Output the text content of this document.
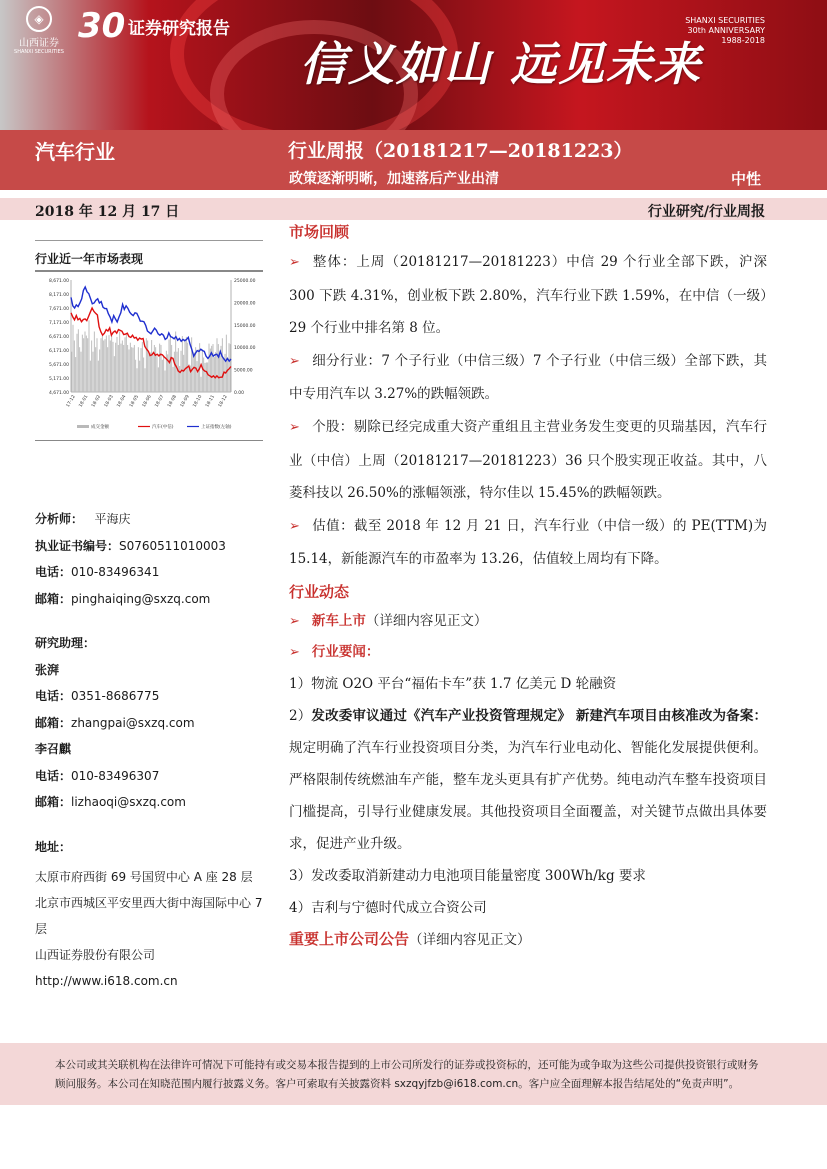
◈
山西证券
SHANXI SECURITIES
30 证券研究报告
信义如山 远见未来
SHANXI SECURITIES
30th ANNIVERSARY
1988-2018
汽车行业	行业周报（20181217—20181223）
政策逐渐明晰，加速落后产业出清	中性
2018 年 12 月 17 日	行业研究/行业周报
行业近一年市场表现
8,671.00
8,171.00
7,671.00
7,171.00
6,671.00
6,171.00
5,671.00
5,171.00
4,671.00
25000.00
20000.00
15000.00
10000.00
5000.00
0.00
17-12 18-01 18-02 18-03 18-04 18-05 18-06 18-07 18-08 18-09 18-10 18-11 18-12
成交金额	汽车(中信)	上证指数(左轴)
分析师： 平海庆
执业证书编号：S0760511010003
电话：010-83496341
邮箱：pinghaiqing@sxzq.com
研究助理：
张湃
电话：0351-8686775
邮箱：zhangpai@sxzq.com
李召麒
电话：010-83496307
邮箱：lizhaoqi@sxzq.com
地址：
太原市府西街 69 号国贸中心 A 座 28 层
北京市西城区平安里西大街中海国际中心 7 层
山西证券股份有限公司
http://www.i618.com.cn
市场回顾

➢ 整体：上周（20181217—20181223）中信 29 个行业全部下跌，沪深 300 下跌 4.31%，创业板下跌 2.80%，汽车行业下跌 1.59%，在中信（一级）29 个行业中排名第 8 位。

➢ 细分行业：7 个子行业（中信三级）7 个子行业（中信三级）全部下跌，其中专用汽车以 3.27%的跌幅领跌。

➢ 个股：剔除已经完成重大资产重组且主营业务发生变更的贝瑞基因，汽车行业（中信）上周（20181217—20181223）36 只个股实现正收益。其中，八菱科技以 26.50%的涨幅领涨，特尔佳以 15.45%的跌幅领跌。

➢ 估值：截至 2018 年 12 月 21 日，汽车行业（中信一级）的 PE(TTM)为 15.14，新能源汽车的市盈率为 13.26，估值较上周均有下降。

行业动态

➢ 新车上市（详细内容见正文）

➢ 行业要闻：

1）物流 O2O 平台“福佑卡车”获 1.7 亿美元 D 轮融资

2）发改委审议通过《汽车产业投资管理规定》 新建汽车项目由核准改为备案：规定明确了汽车行业投资项目分类，为汽车行业电动化、智能化发展提供便利。严格限制传统燃油车产能，整车龙头更具有扩产优势。纯电动汽车整车投资项目门槛提高，引导行业健康发展。其他投资项目全面覆盖，对关键节点做出具体要求，促进产业升级。

3）发改委取消新建动力电池项目能量密度 300Wh/kg 要求

4）吉利与宁德时代成立合资公司

重要上市公司公告（详细内容见正文）

本公司或其关联机构在法律许可情况下可能持有或交易本报告提到的上市公司所发行的证券或投资标的，还可能为或争取为这些公司提供投资银行或财务
顾问服务。本公司在知晓范围内履行披露义务。客户可索取有关披露资料 sxzqyjfzb@i618.com.cn。客户应全面理解本报告结尾处的“免责声明”。
